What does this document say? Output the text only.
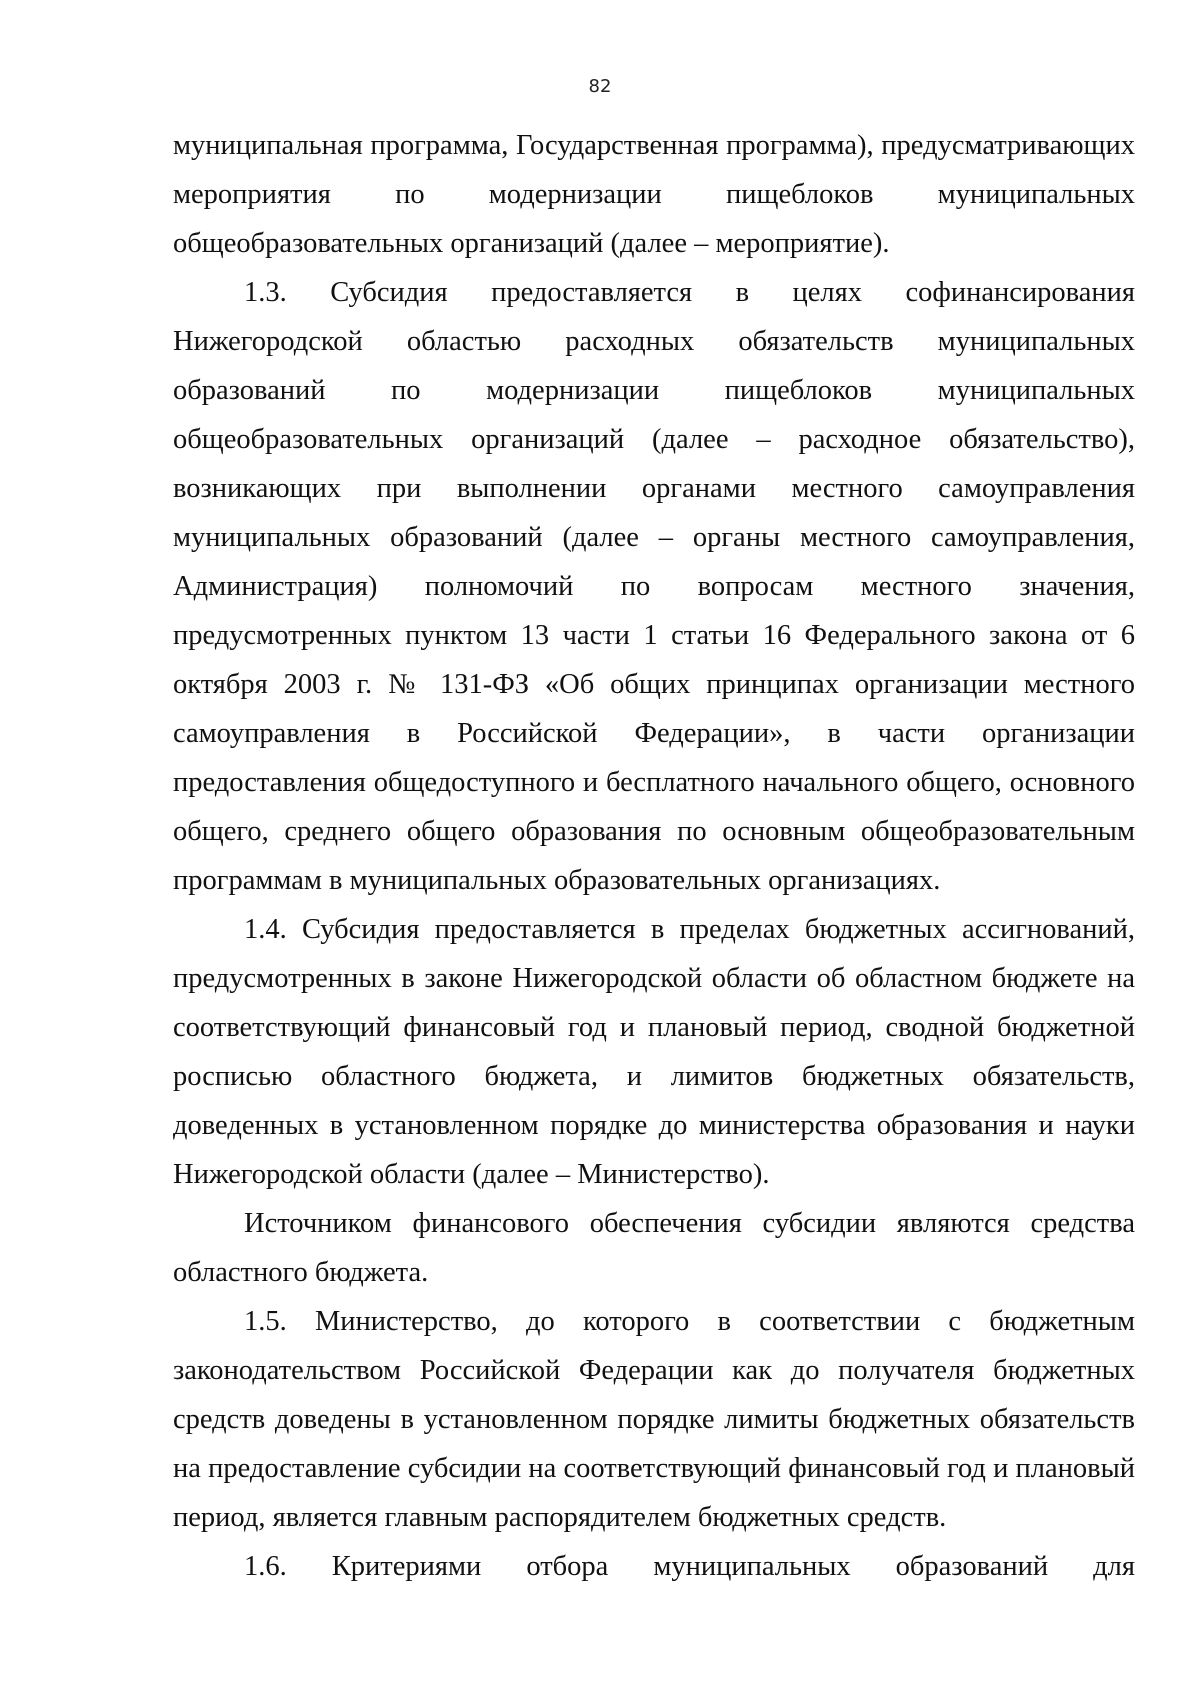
82

муниципальная программа, Государственная программа), предусматривающих мероприятия по модернизации пищеблоков муниципальных общеобразовательных организаций (далее – мероприятие).

1.3. Субсидия предоставляется в целях софинансирования Нижегородской областью расходных обязательств муниципальных образований по модернизации пищеблоков муниципальных общеобразовательных организаций (далее – расходное обязательство), возникающих при выполнении органами местного самоуправления муниципальных образований (далее – органы местного самоуправления, Администрация) полномочий по вопросам местного значения, предусмотренных пунктом 13 части 1 статьи 16 Федерального закона от 6 октября 2003 г. № 131-ФЗ «Об общих принципах организации местного самоуправления в Российской Федерации», в части организации предоставления общедоступного и бесплатного начального общего, основного общего, среднего общего образования по основным общеобразовательным программам в муниципальных образовательных организациях.

1.4. Субсидия предоставляется в пределах бюджетных ассигнований, предусмотренных в законе Нижегородской области об областном бюджете на соответствующий финансовый год и плановый период, сводной бюджетной росписью областного бюджета, и лимитов бюджетных обязательств, доведенных в установленном порядке до министерства образования и науки Нижегородской области (далее – Министерство).

Источником финансового обеспечения субсидии являются средства областного бюджета.

1.5. Министерство, до которого в соответствии с бюджетным законодательством Российской Федерации как до получателя бюджетных средств доведены в установленном порядке лимиты бюджетных обязательств на предоставление субсидии на соответствующий финансовый год и плановый период, является главным распорядителем бюджетных средств.

1.6. Критериями отбора муниципальных образований для
